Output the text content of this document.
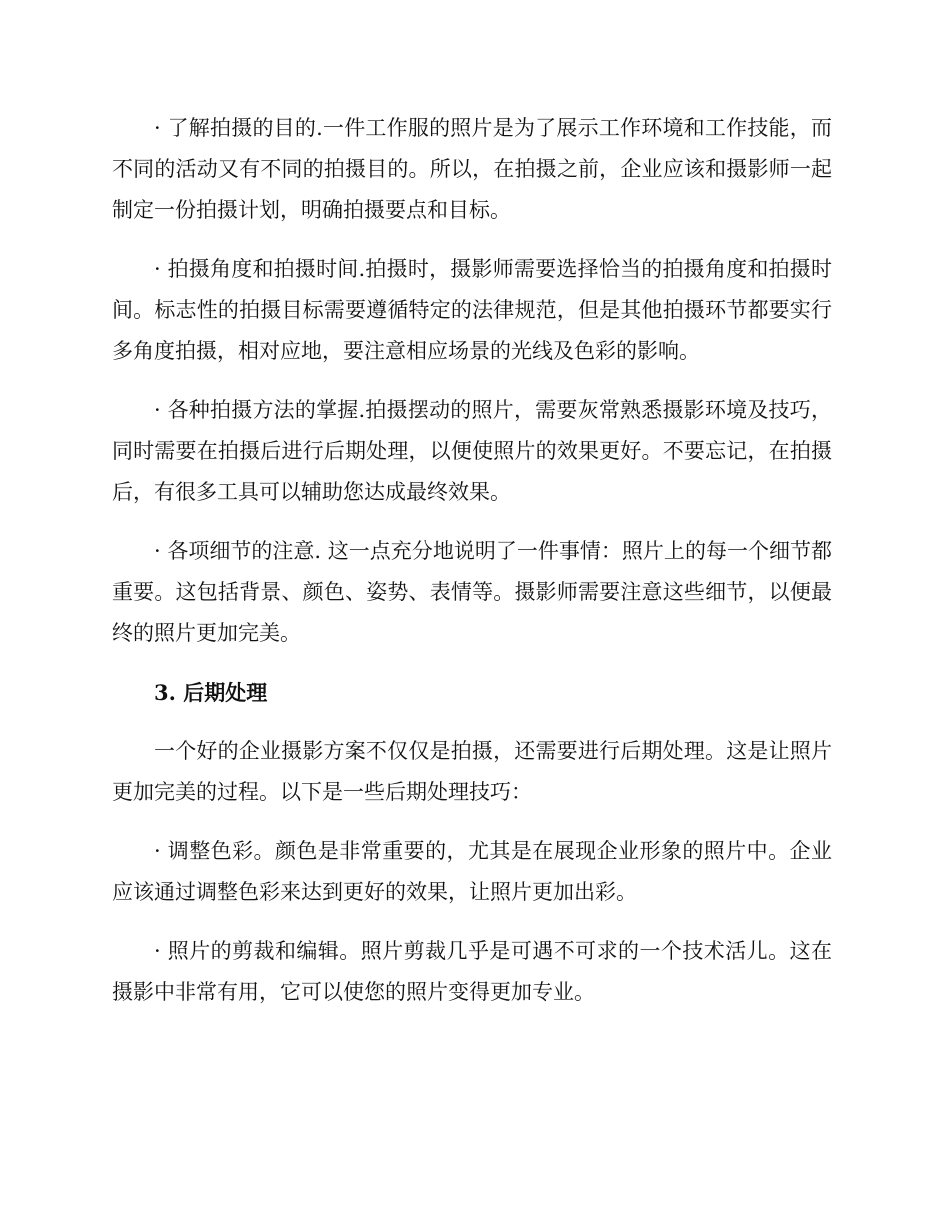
· 了解拍摄的目的.一件工作服的照片是为了展示工作环境和工作技能，而不同的活动又有不同的拍摄目的。所以，在拍摄之前，企业应该和摄影师一起制定一份拍摄计划，明确拍摄要点和目标。

· 拍摄角度和拍摄时间.拍摄时，摄影师需要选择恰当的拍摄角度和拍摄时间。标志性的拍摄目标需要遵循特定的法律规范，但是其他拍摄环节都要实行多角度拍摄，相对应地，要注意相应场景的光线及色彩的影响。

· 各种拍摄方法的掌握.拍摄摆动的照片，需要灰常熟悉摄影环境及技巧，同时需要在拍摄后进行后期处理，以便使照片的效果更好。不要忘记，在拍摄后，有很多工具可以辅助您达成最终效果。

· 各项细节的注意. 这一点充分地说明了一件事情：照片上的每一个细节都重要。这包括背景、颜色、姿势、表情等。摄影师需要注意这些细节，以便最终的照片更加完美。

3. 后期处理

一个好的企业摄影方案不仅仅是拍摄，还需要进行后期处理。这是让照片更加完美的过程。以下是一些后期处理技巧：

· 调整色彩。颜色是非常重要的，尤其是在展现企业形象的照片中。企业应该通过调整色彩来达到更好的效果，让照片更加出彩。

· 照片的剪裁和编辑。照片剪裁几乎是可遇不可求的一个技术活儿。这在摄影中非常有用，它可以使您的照片变得更加专业。
